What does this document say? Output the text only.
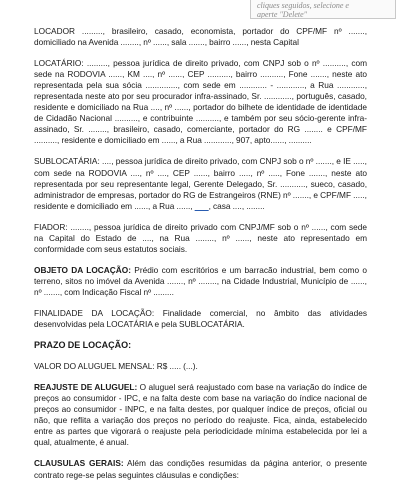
cliques seguidos, selecione e
aperte "Delete"

LOCADOR ........., brasileiro, casado, economista, portador do CPF/MF nº ......., domiciliado na Avenida ........, nº ......, sala ......., bairro ......, nesta Capital

LOCATÁRIO: ........., pessoa jurídica de direito privado, com CNPJ sob o nº .........., com sede na RODOVIA ......, KM ...., nº ......, CEP .........., bairro .........., Fone ......., neste ato representada pela sua sócia .............., com sede em ............ - ............, a Rua ............, representada neste ato por seu procurador infra-assinado, Sr. ............, português, casado, residente e domiciliado na Rua ...., nº ......, portador do bilhete de identidade de identidade de Cidadão Nacional .........., e contribuinte .........., e também por seu sócio-gerente infra-assinado, Sr. ........, brasileiro, casado, comerciante, portador do RG ........ e CPF/MF .........., residente e domiciliado em ......, a Rua ............, 907, apto......, ..........

SUBLOCATÁRIA: ...., pessoa jurídica de direito privado, com CNPJ sob o nº ......., e IE ....., com sede na RODOVIA ...., nº ...., CEP ......, bairro ....., nº ....., Fone ......., neste ato representada por seu representante legal, Gerente Delegado, Sr. ..........., sueco, casado, administrador de empresas, portador do RG de Estrangeiros (RNE) nº ......., e CPF/MF ....., residente e domiciliado em ......, a Rua ......, ___, casa ...., ........

FIADOR: ........, pessoa jurídica de direito privado com CNPJ/MF sob o nº ......, com sede na Capital do Estado de ...., na Rua ........, nº ......, neste ato representado em conformidade com seus estatutos sociais.

OBJETO DA LOCAÇÃO: Prédio com escritórios e um barracão industrial, bem como o terreno, sitos no imóvel da Avenida ......., nº ........, na Cidade Industrial, Município de ......, nº ......., com Indicação Fiscal nº .........

FINALIDADE DA LOCAÇÃO: Finalidade comercial, no âmbito das atividades desenvolvidas pela LOCATÁRIA e pela SUBLOCATÁRIA.

PRAZO DE LOCAÇÃO:

VALOR DO ALUGUEL MENSAL: R$ ..... (...).

REAJUSTE DE ALUGUEL: O aluguel será reajustado com base na variação do índice de preços ao consumidor - IPC, e na falta deste com base na variação do índice nacional de preços ao consumidor - INPC, e na falta destes, por qualquer índice de preços, oficial ou não, que reflita a variação dos preços no período do reajuste. Fica, ainda, estabelecido entre as partes que vigorará o reajuste pela periodicidade mínima estabelecida por lei a qual, atualmente, é anual.

CLAUSULAS GERAIS: Além das condições resumidas da página anterior, o presente contrato rege-se pelas seguintes cláusulas e condições:
